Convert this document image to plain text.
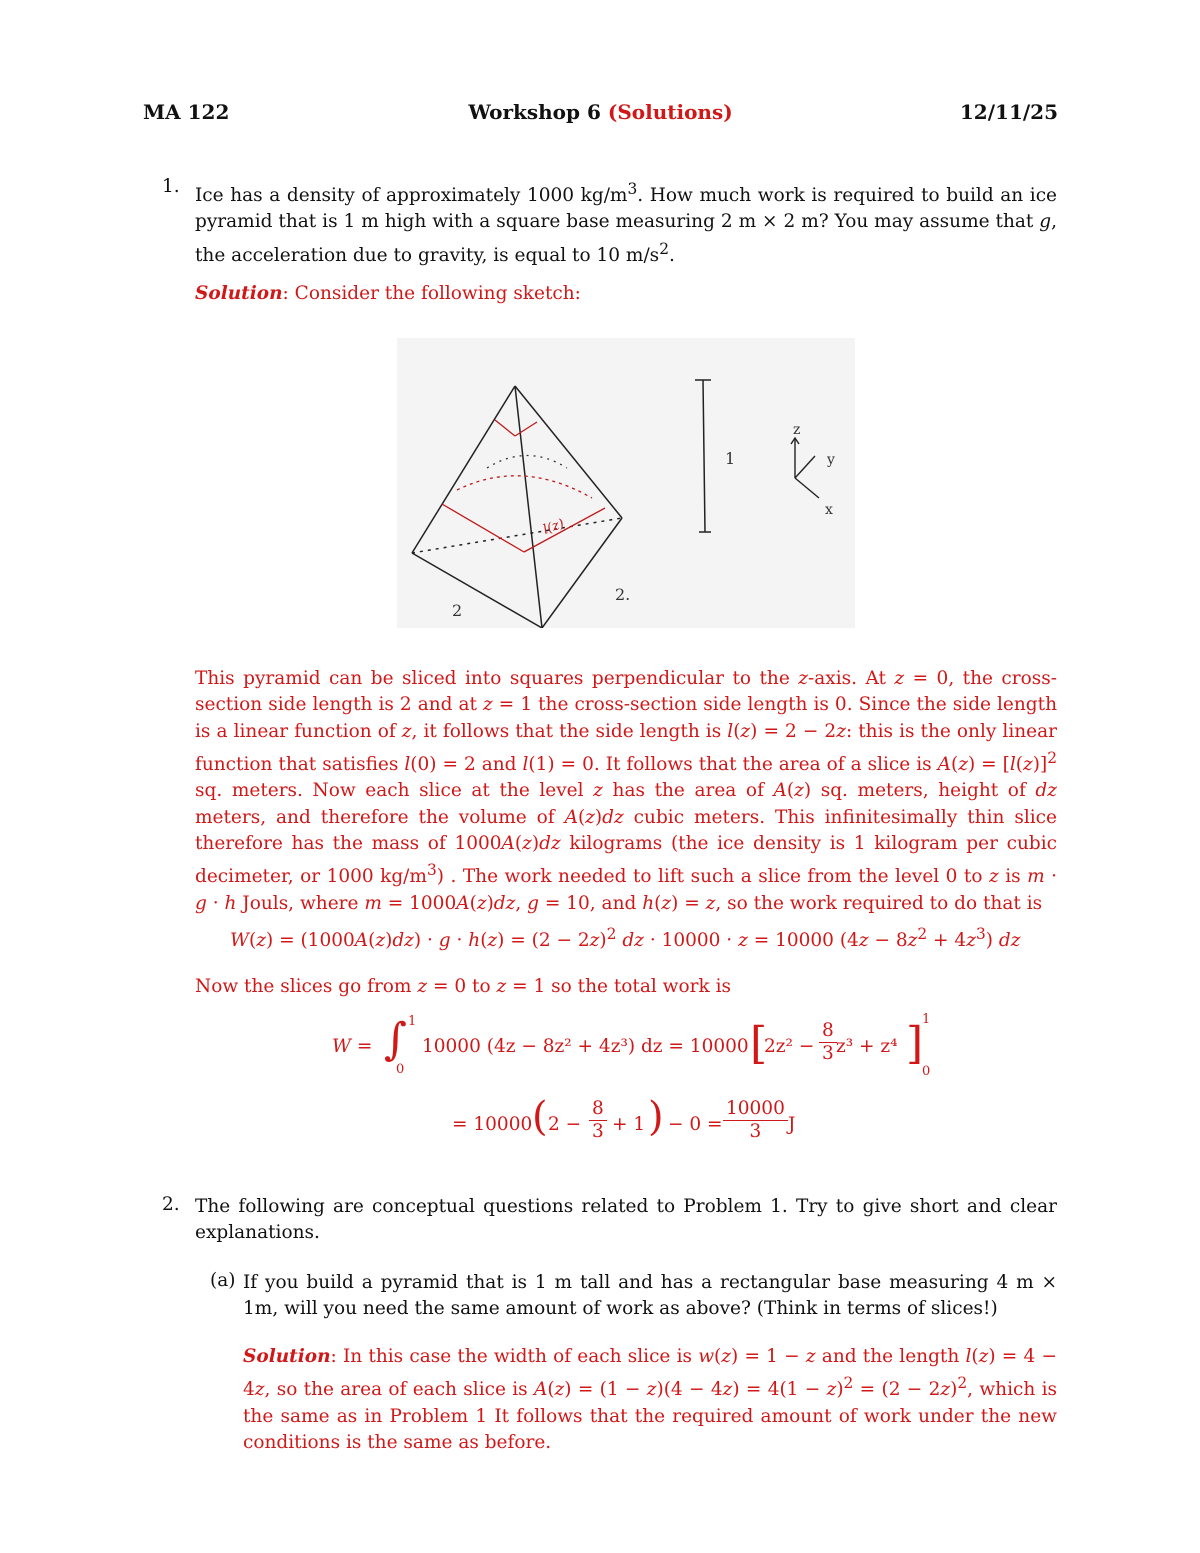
MA 122	Workshop 6 (Solutions)	12/11/25
1. Ice has a density of approximately 1000 $kg/m^3$. How much work is required to build an ice pyramid that is 1 m high with a square base measuring 2 m × 2 m? You may assume that g, the acceleration due to gravity, is equal to 10 $m/s^2$.
Solution: Consider the following sketch:
l(z)
2
2.
1
z
y
x
This pyramid can be sliced into squares perpendicular to the z-axis. At z = 0, the cross-section side length is 2 and at z = 1 the cross-section side length is 0. Since the side length is a linear function of z, it follows that the side length is l(z) = 2 − 2z: this is the only linear function that satisfies l(0) = 2 and l(1) = 0. It follows that the area of a slice is $A(z) = [l(z)]^2$ sq. meters. Now each slice at the level z has the area of A(z) sq. meters, height of dz meters, and therefore the volume of A(z)dz cubic meters. This infinitesimally thin slice therefore has the mass of 1000A(z)dz kilograms (the ice density is 1 kilogram per cubic decimeter, or 1000 $kg/m^3$) . The work needed to lift such a slice from the level 0 to z is m · g · h Jouls, where m = 1000A(z)dz, g = 10, and h(z) = z, so the work required to do that is
$W(z) = (1000A(z)dz) \cdot g \cdot h(z) = (2 - 2z)^2$ dz · 10000 · z = 10000 $(4z - 8z^2 + 4z^3)$ dz
Now the slices go from z = 0 to z = 1 so the total work is
W = ∫ 1
0
10000 (4z − 8z² + 4z³) dz = 10000 [
$2z^2 - \frac{8}{3} z^3 + z^4$ ]
1
0
= 10000 ( $2 - \frac{8}{3} + 1$ ) − $0 = \frac{10000}{3}$ J
2. The following are conceptual questions related to Problem 1. Try to give short and clear explanations.
(a) If you build a pyramid that is 1 m tall and has a rectangular base measuring 4 m × 1m, will you need the same amount of work as above? (Think in terms of slices!)
Solution: In this case the width of each slice is w(z) = 1 − z and the length l(z) = 4 − 4z, so the area of each slice is $A(z) = (1 - z)(4 - 4z) = 4(1 - z)^2 = (2 - 2z)^2$, which is the same as in Problem 1 It follows that the required amount of work under the new conditions is the same as before.
